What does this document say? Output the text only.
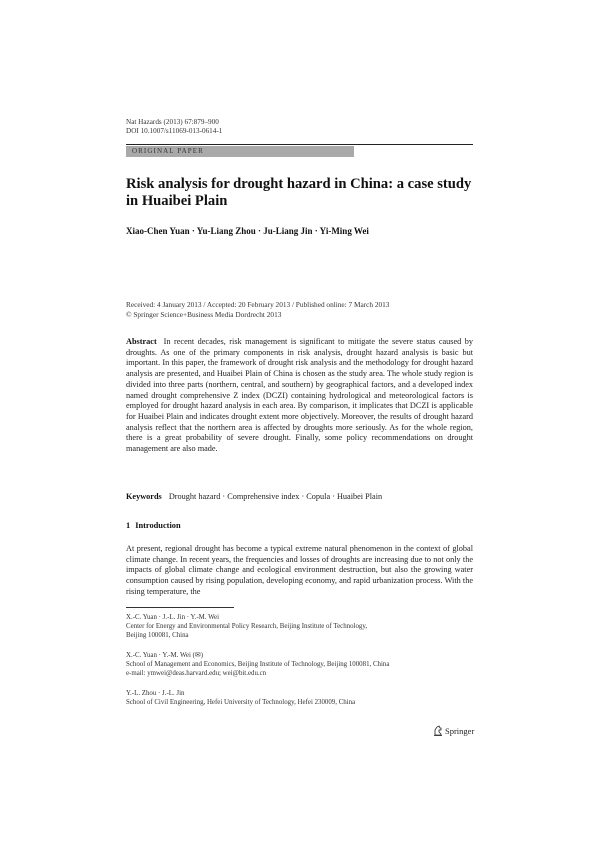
Nat Hazards (2013) 67:879–900
DOI 10.1007/s11069-013-0614-1
ORIGINAL PAPER
Risk analysis for drought hazard in China: a case study in Huaibei Plain
Xiao-Chen Yuan · Yu-Liang Zhou · Ju-Liang Jin · Yi-Ming Wei
Received: 4 January 2013 / Accepted: 20 February 2013 / Published online: 7 March 2013
© Springer Science+Business Media Dordrecht 2013
Abstract In recent decades, risk management is significant to mitigate the severe status caused by droughts. As one of the primary components in risk analysis, drought hazard analysis is basic but important. In this paper, the framework of drought risk analysis and the methodology for drought hazard analysis are presented, and Huaibei Plain of China is chosen as the study area. The whole study region is divided into three parts (northern, central, and southern) by geographical factors, and a developed index named drought comprehensive Z index (DCZI) containing hydrological and meteorological factors is employed for drought hazard analysis in each area. By comparison, it implicates that DCZI is applicable for Huaibei Plain and indicates drought extent more objectively. Moreover, the results of drought hazard analysis reflect that the northern area is affected by droughts more seriously. As for the whole region, there is a great probability of severe drought. Finally, some policy recommendations on drought management are also made.
Keywords Drought hazard · Comprehensive index · Copula · Huaibei Plain
1 Introduction
At present, regional drought has become a typical extreme natural phenomenon in the context of global climate change. In recent years, the frequencies and losses of droughts are increasing due to not only the impacts of global climate change and ecological environment destruction, but also the growing water consumption caused by rising population, developing economy, and rapid urbanization process. With the rising temperature, the
X.-C. Yuan · J.-L. Jin · Y.-M. Wei
Center for Energy and Environmental Policy Research, Beijing Institute of Technology,
Beijing 100081, China
X.-C. Yuan · Y.-M. Wei (✉)
School of Management and Economics, Beijing Institute of Technology, Beijing 100081, China
e-mail: ymwei@deas.harvard.edu; wei@bit.edu.cn
Y.-L. Zhou · J.-L. Jin
School of Civil Engineering, Hefei University of Technology, Hefei 230009, China
Springer
